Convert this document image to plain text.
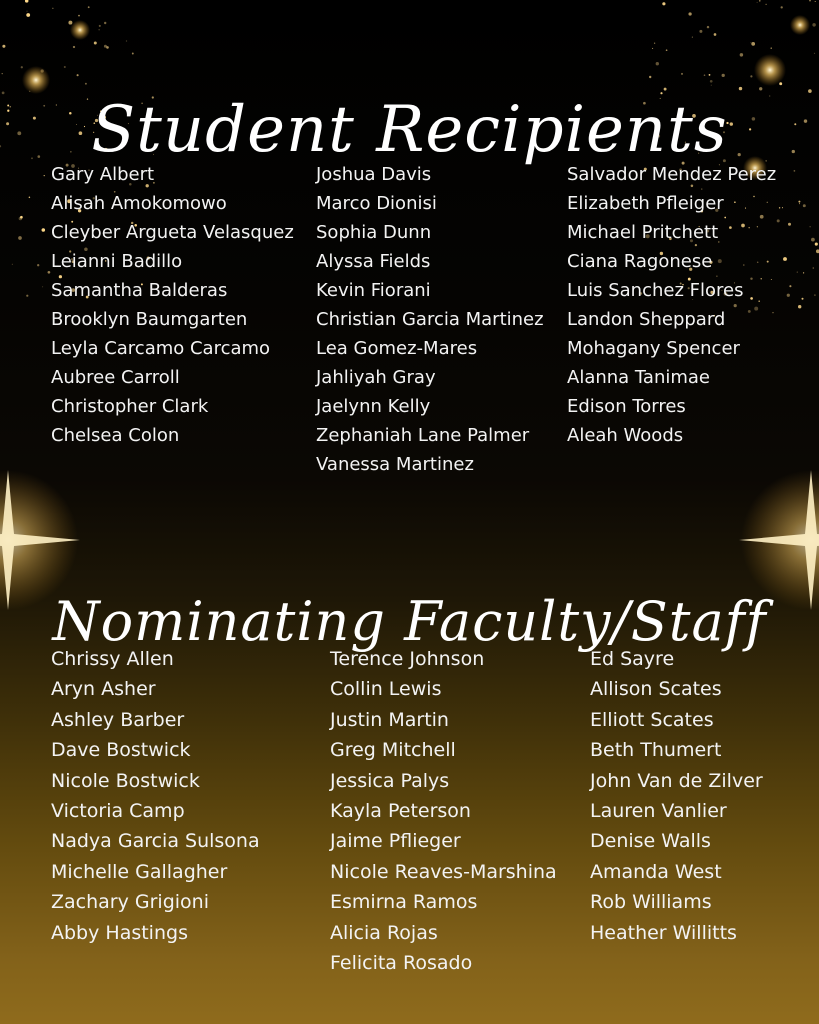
Student Recipients
Gary Albert
Alisah Amokomowo
Cleyber Argueta Velasquez
Leianni Badillo
Samantha Balderas
Brooklyn Baumgarten
Leyla Carcamo Carcamo
Aubree Carroll
Christopher Clark
Chelsea Colon
Joshua Davis
Marco Dionisi
Sophia Dunn
Alyssa Fields
Kevin Fiorani
Christian Garcia Martinez
Lea Gomez-Mares
Jahliyah Gray
Jaelynn Kelly
Zephaniah Lane Palmer
Vanessa Martinez
Salvador Mendez Perez
Elizabeth Pfleiger
Michael Pritchett
Ciana Ragonese
Luis Sanchez Flores
Landon Sheppard
Mohagany Spencer
Alanna Tanimae
Edison Torres
Aleah Woods
Nominating Faculty/Staff
Chrissy Allen
Aryn Asher
Ashley Barber
Dave Bostwick
Nicole Bostwick
Victoria Camp
Nadya Garcia Sulsona
Michelle Gallagher
Zachary Grigioni
Abby Hastings
Terence Johnson
Collin Lewis
Justin Martin
Greg Mitchell
Jessica Palys
Kayla Peterson
Jaime Pflieger
Nicole Reaves-Marshina
Esmirna Ramos
Alicia Rojas
Felicita Rosado
Ed Sayre
Allison Scates
Elliott Scates
Beth Thumert
John Van de Zilver
Lauren Vanlier
Denise Walls
Amanda West
Rob Williams
Heather Willitts
